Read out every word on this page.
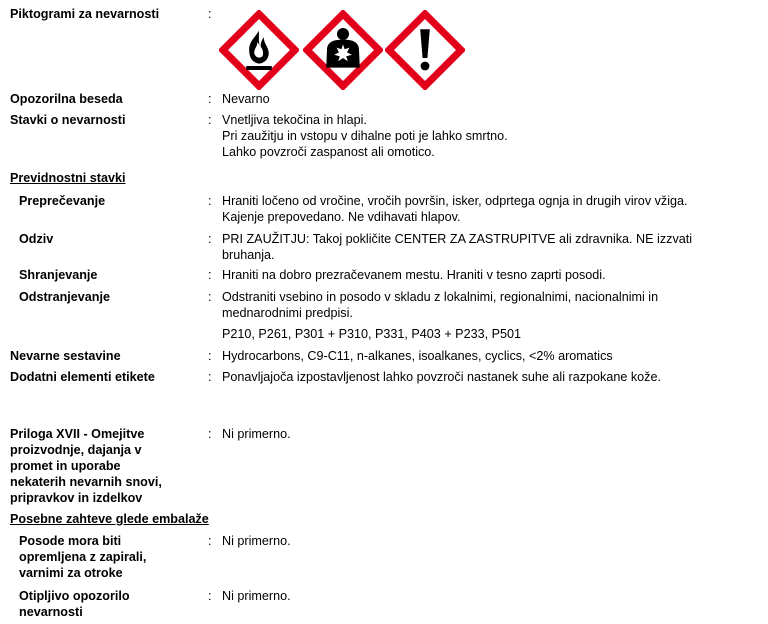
Piktogrami za nevarnosti	:
Opozorilna beseda	: Nevarno
Stavki o nevarnosti	: Vnetljiva tekočina in hlapi.
Pri zaužitju in vstopu v dihalne poti je lahko smrtno.
Lahko povzroči zaspanost ali omotico.
Previdnostni stavki
Preprečevanje	: Hraniti ločeno od vročine, vročih površin, isker, odprtega ognja in drugih virov vžiga.
Kajenje prepovedano. Ne vdihavati hlapov.
Odziv	: PRI ZAUŽITJU: Takoj pokličite CENTER ZA ZASTRUPITVE ali zdravnika. NE izzvati
bruhanja.
Shranjevanje	: Hraniti na dobro prezračevanem mestu. Hraniti v tesno zaprti posodi.
Odstranjevanje	: Odstraniti vsebino in posodo v skladu z lokalnimi, regionalnimi, nacionalnimi in
mednarodnimi predpisi.
P210, P261, P301 + P310, P331, P403 + P233, P501
Nevarne sestavine	: Hydrocarbons, C9-C11, n-alkanes, isoalkanes, cyclics, <2% aromatics
Dodatni elementi etikete	: Ponavljajoča izpostavljenost lahko povzroči nastanek suhe ali razpokane kože.
Priloga XVII - Omejitve
proizvodnje, dajanja v
promet in uporabe
nekaterih nevarnih snovi,
pripravkov in izdelkov
: Ni primerno.
Posebne zahteve glede embalaže
Posode mora biti
opremljena z zapirali,
varnimi za otroke
: Ni primerno.
Otipljivo opozorilo
nevarnosti
: Ni primerno.
